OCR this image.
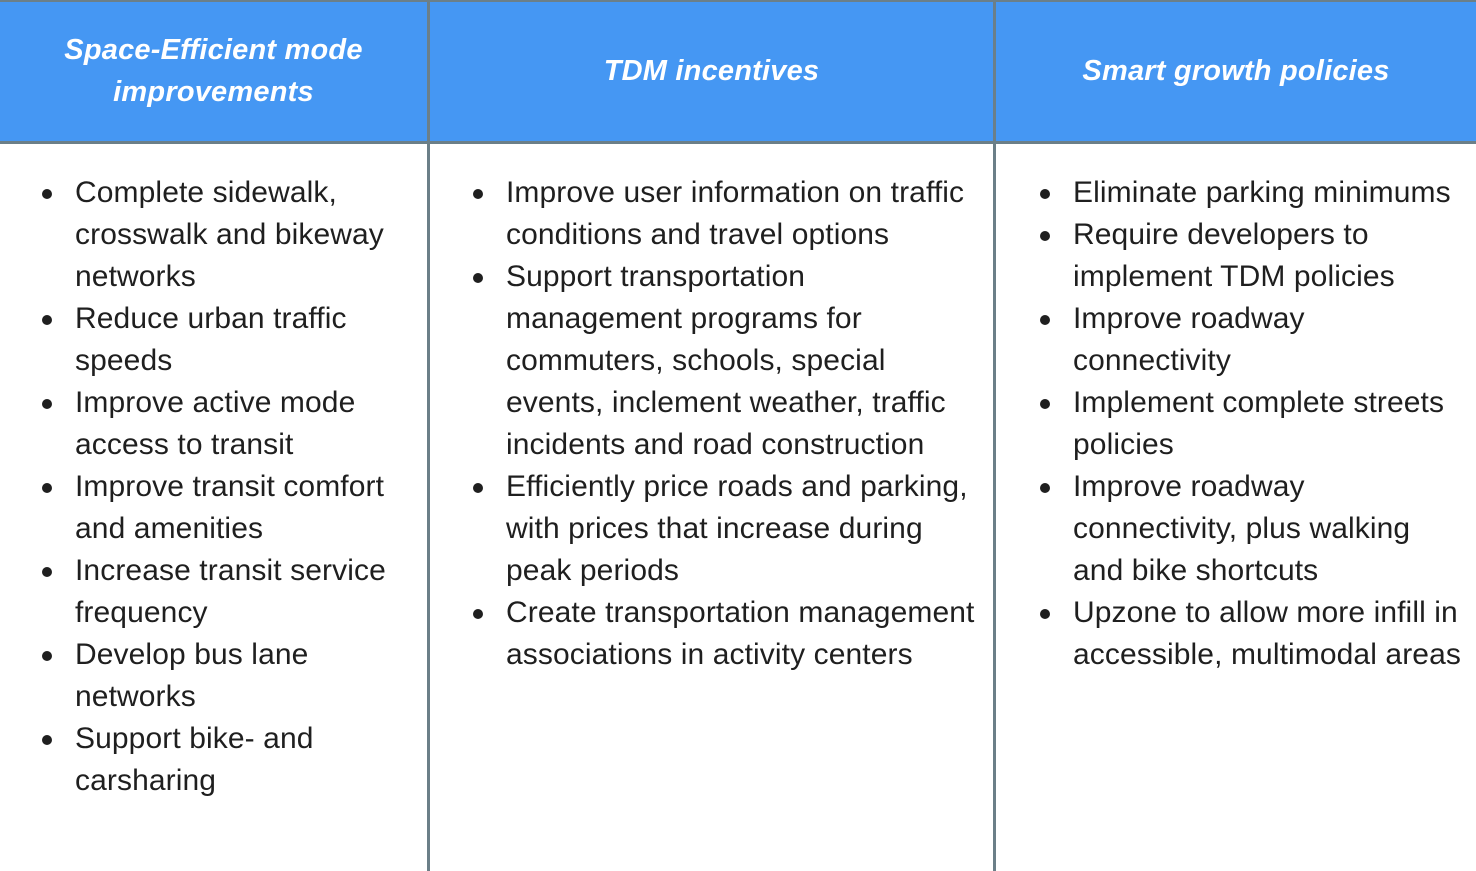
Space-Efficient mode improvements
Complete sidewalk, crosswalk and bikeway networks
Reduce urban traffic speeds
Improve active mode access to transit
Improve transit comfort and amenities
Increase transit service frequency
Develop bus lane networks
Support bike- and carsharing
TDM incentives
Improve user information on traffic conditions and travel options
Support transportation management programs for commuters, schools, special events, inclement weather, traffic incidents and road construction
Efficiently price roads and parking, with prices that increase during peak periods
Create transportation management associations in activity centers
Smart growth policies
Eliminate parking minimums
Require developers to implement TDM policies
Improve roadway connectivity
Implement complete streets policies
Improve roadway connectivity, plus walking and bike shortcuts
Upzone to allow more infill in accessible, multimodal areas
